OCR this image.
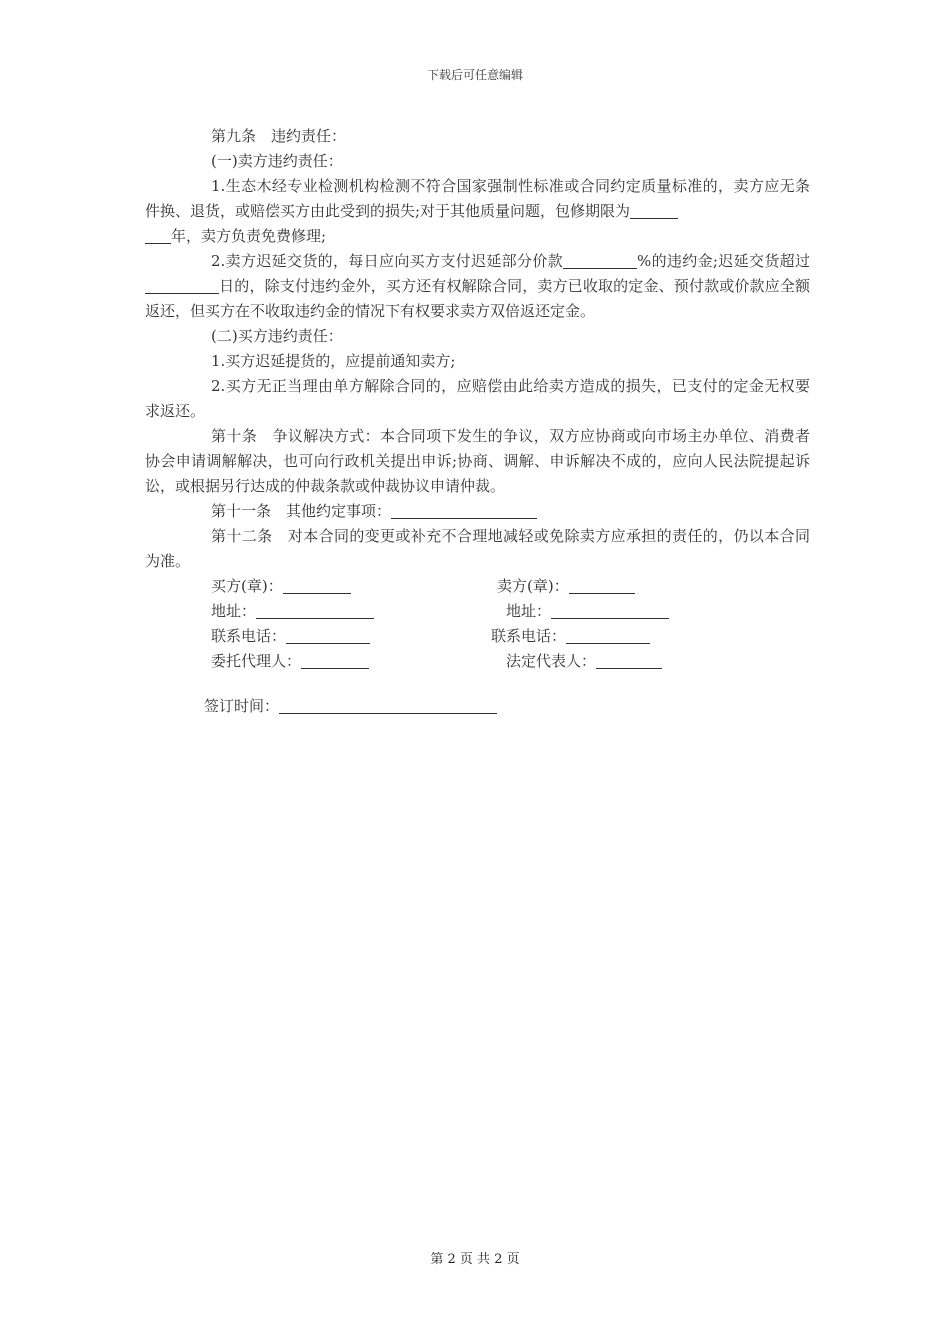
下载后可任意编辑

第九条　违约责任：

(一)卖方违约责任：

1.生态木经专业检测机构检测不符合国家强制性标准或合同约定质量标准的，卖方应无条件换、退货，或赔偿买方由此受到的损失;对于其他质量问题，包修期限为
年，卖方负责免费修理;

2.卖方迟延交货的，每日应向买方支付迟延部分价款	%的违约金;迟延交货超过日的，除支付违约金外，买方还有权解除合同，卖方已收取的定金、预付款或价款应全额返还，但买方在不收取违约金的情况下有权要求卖方双倍返还定金。

(二)买方违约责任：

1.买方迟延提货的，应提前通知卖方;

2.买方无正当理由单方解除合同的，应赔偿由此给卖方造成的损失，已支付的定金无权要求返还。

第十条　争议解决方式：本合同项下发生的争议，双方应协商或向市场主办单位、消费者协会申请调解解决，也可向行政机关提出申诉;协商、调解、申诉解决不成的，应向人民法院提起诉讼，或根据另行达成的仲裁条款或仲裁协议申请仲裁。

第十一条　其他约定事项：

第十二条　对本合同的变更或补充不合理地减轻或免除卖方应承担的责任的，仍以本合同为准。

买方(章)：	卖方(章)：
地址：	地址：
联系电话：	联系电话：
委托代理人：	法定代表人：
签订时间：
第 2 页 共 2 页
